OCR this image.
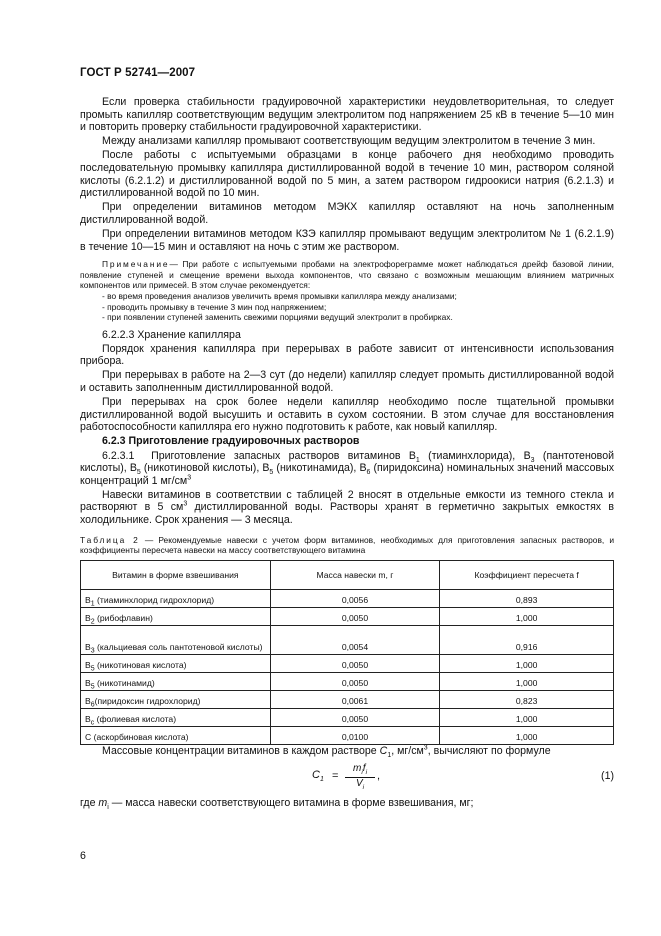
ГОСТ Р 52741—2007

Если проверка стабильности градуировочной характеристики неудовлетворительная, то следует промыть капилляр соответствующим ведущим электролитом под напряжением 25 кВ в течение 5—10 мин и повторить проверку стабильности градуировочной характеристики.

Между анализами капилляр промывают соответствующим ведущим электролитом в течение 3 мин.

После работы с испытуемыми образцами в конце рабочего дня необходимо проводить последовательную промывку капилляра дистиллированной водой в течение 10 мин, раствором соляной кислоты (6.2.1.2) и дистиллированной водой по 5 мин, а затем раствором гидроокиси натрия (6.2.1.3) и дистиллированной водой по 10 мин.

При определении витаминов методом МЭКХ капилляр оставляют на ночь заполненным дистиллированной водой.

При определении витаминов методом КЗЭ капилляр промывают ведущим электролитом № 1 (6.2.1.9) в течение 10—15 мин и оставляют на ночь с этим же раствором.

Примечание— При работе с испытуемыми пробами на электрофореграмме может наблюдаться дрейф базовой линии, появление ступеней и смещение времени выхода компонентов, что связано с возможным мешающим влиянием матричных компонентов или примесей. В этом случае рекомендуется:

- во время проведения анализов увеличить время промывки капилляра между анализами;
- проводить промывку в течение 3 мин под напряжением;
- при появлении ступеней заменить свежими порциями ведущий электролит в пробирках.

6.2.2.3 Хранение капилляра

Порядок хранения капилляра при перерывах в работе зависит от интенсивности использования прибора.

При перерывах в работе на 2—3 сут (до недели) капилляр следует промыть дистиллированной водой и оставить заполненным дистиллированной водой.

При перерывах на срок более недели капилляр необходимо после тщательной промывки дистиллированной водой высушить и оставить в сухом состоянии. В этом случае для восстановления работоспособности капилляра его нужно подготовить к работе, как новый капилляр.

6.2.3 Приготовление градуировочных растворов

6.2.3.1 Приготовление запасных растворов витаминов $В_1$ (тиаминхлорида), $В_3$ (пантотеновой кислоты), $В_5$ (никотиновой кислоты), $В_5$ (никотинамида), $В_6$ (пиридоксина) номинальных значений массовых концентраций 1 $мг/см^3$

Навески витаминов в соответствии с таблицей 2 вносят в отдельные емкости из темного стекла и растворяют в 5 $см^3$ дистиллированной воды. Растворы хранят в герметично закрытых емкостях в холодильнике. Срок хранения — 3 месяца.

Таблица 2 — Рекомендуемые навески с учетом форм витаминов, необходимых для приготовления запасных растворов, и коэффициенты пересчета навески на массу соответствующего витамина
Витамин в форме взвешивания	Масса навески m, г	Коэффициент пересчета f
$В_1$ (тиаминхлорид гидрохлорид)	0,0056	0,893
$В_2$ (рибофлавин)	0,0050	1,000
$В_3$ (кальциевая соль пантотеновой кислоты)	0,0054	0,916
$В_5$ (никотиновая кислота)	0,0050	1,000
$В_5$ (никотинамид)	0,0050	1,000
$В_6(пиридоксин$ гидрохлорид)	0,0061	0,823
$В_с$ (фолиевая кислота)	0,0050	1,000
С (аскорбиновая кислота)	0,0100	1,000

Массовые концентрации витаминов в каждом растворе $C_1$, $мг/см^3$, вычисляют по формуле

$C_1$ =
$m_if_i$
$V_i$
,	(1)

где $m_i$ — масса навески соответствующего витамина в форме взвешивания, мг;

6
